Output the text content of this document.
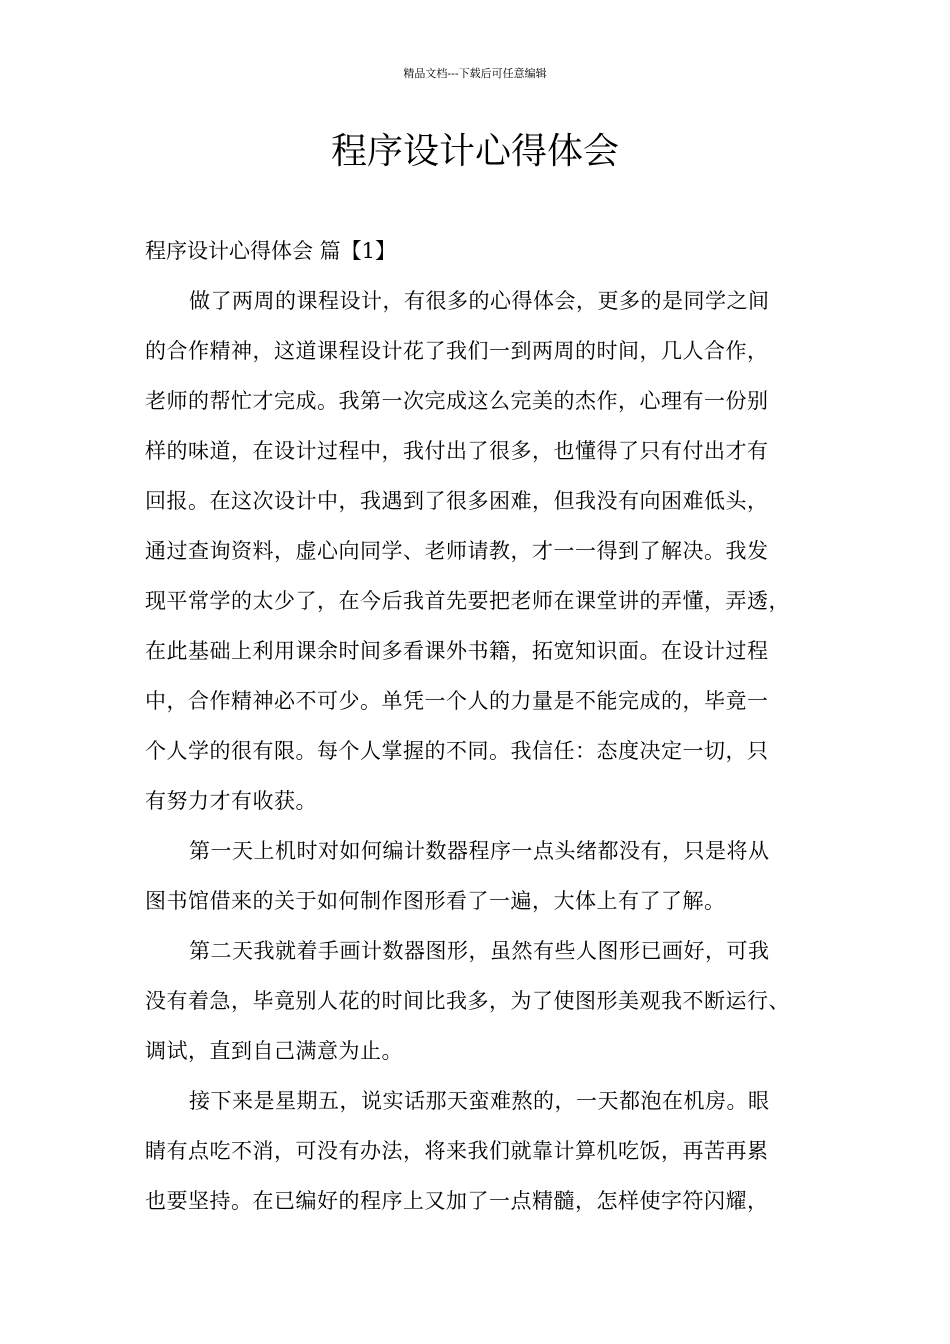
精品文档---下载后可任意编辑
程序设计心得体会
程序设计心得体会 篇【1】
做了两周的课程设计，有很多的心得体会，更多的是同学之间
的合作精神，这道课程设计花了我们一到两周的时间，几人合作，
老师的帮忙才完成。我第一次完成这么完美的杰作，心理有一份别
样的味道，在设计过程中，我付出了很多，也懂得了只有付出才有
回报。在这次设计中，我遇到了很多困难，但我没有向困难低头，
通过查询资料，虚心向同学、老师请教，才一一得到了解决。我发
现平常学的太少了，在今后我首先要把老师在课堂讲的弄懂，弄透，
在此基础上利用课余时间多看课外书籍，拓宽知识面。在设计过程
中，合作精神必不可少。单凭一个人的力量是不能完成的，毕竟一
个人学的很有限。每个人掌握的不同。我信任：态度决定一切，只
有努力才有收获。
第一天上机时对如何编计数器程序一点头绪都没有，只是将从
图书馆借来的关于如何制作图形看了一遍，大体上有了了解。
第二天我就着手画计数器图形，虽然有些人图形已画好，可我
没有着急，毕竟别人花的时间比我多，为了使图形美观我不断运行、
调试，直到自己满意为止。
接下来是星期五，说实话那天蛮难熬的，一天都泡在机房。眼
睛有点吃不消，可没有办法，将来我们就靠计算机吃饭，再苦再累
也要坚持。在已编好的程序上又加了一点精髓，怎样使字符闪耀，
